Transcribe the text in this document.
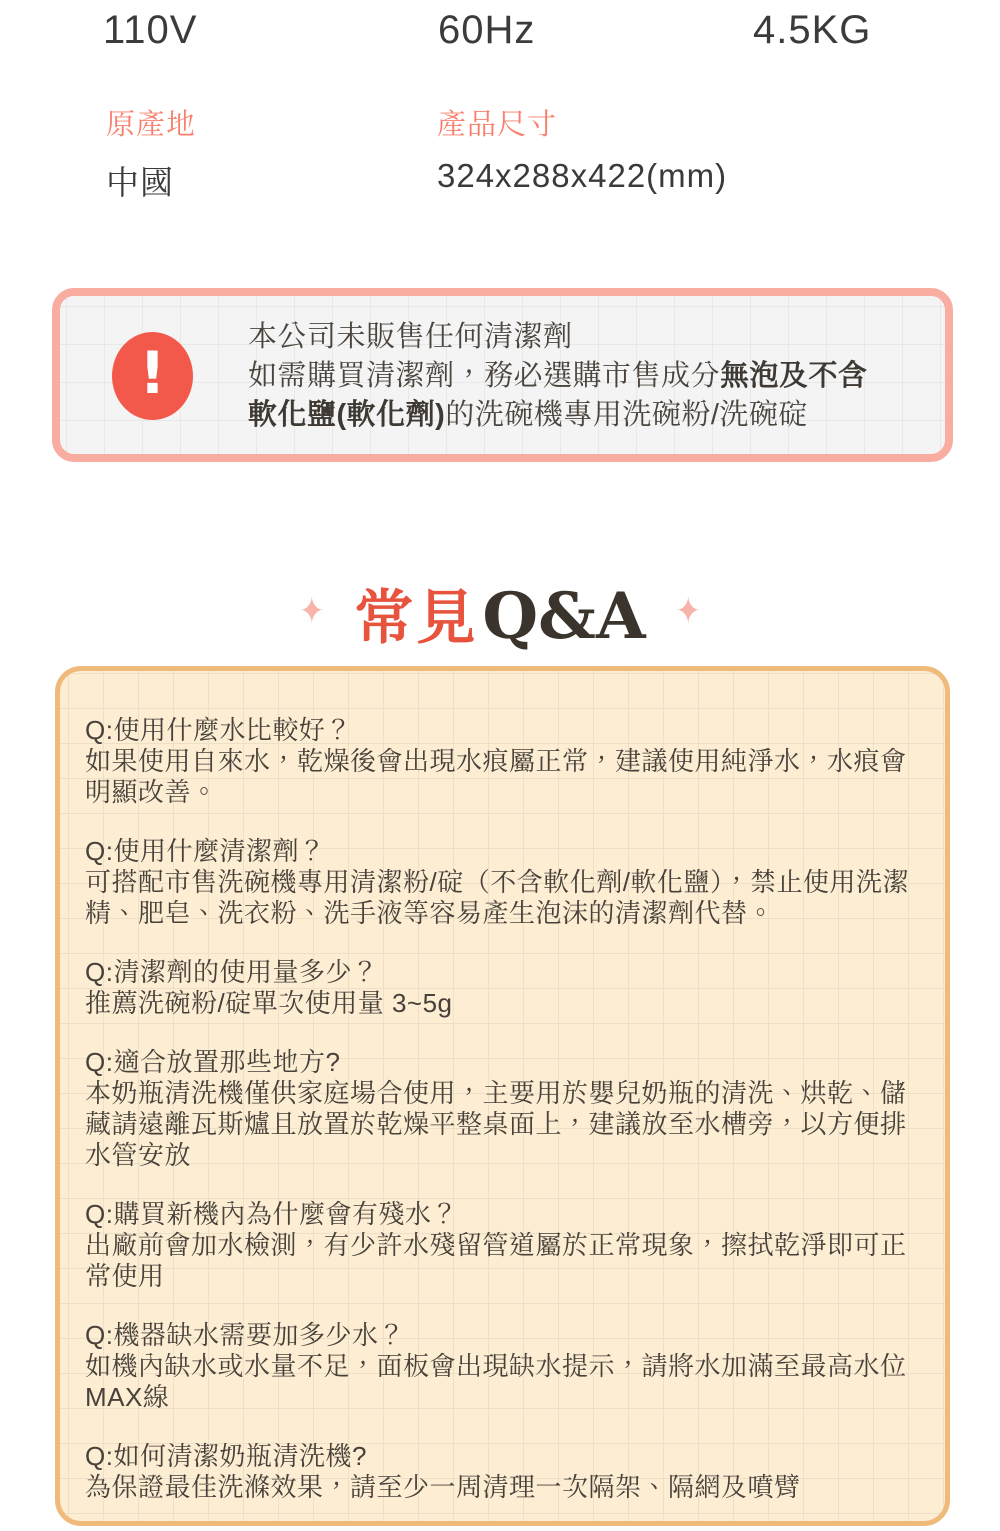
110V	60Hz	4.5KG
原產地	產品尺寸
中國	324x288x422(mm)
!
本公司未販售任何清潔劑
如需購買清潔劑，務必選購市售成分無泡及不含
軟化鹽(軟化劑)的洗碗機專用洗碗粉/洗碗碇
✦ 常見 Q&A ✦
Q:使用什麼水比較好？
如果使用自來水，乾燥後會出現水痕屬正常，建議使用純淨水，水痕會明顯改善。
Q:使用什麼清潔劑？
可搭配市售洗碗機專用清潔粉/碇（不含軟化劑/軟化鹽），禁止使用洗潔精、肥皂、洗衣粉、洗手液等容易產生泡沫的清潔劑代替。
Q:清潔劑的使用量多少？
推薦洗碗粉/碇單次使用量 3~5g
Q:適合放置那些地方?
本奶瓶清洗機僅供家庭場合使用，主要用於嬰兒奶瓶的清洗、烘乾、儲藏請遠離瓦斯爐且放置於乾燥平整桌面上，建議放至水槽旁，以方便排水管安放
Q:購買新機內為什麼會有殘水？
出廠前會加水檢測，有少許水殘留管道屬於正常現象，擦拭乾淨即可正常使用
Q:機器缺水需要加多少水？
如機內缺水或水量不足，面板會出現缺水提示，請將水加滿至最高水位MAX線
Q:如何清潔奶瓶清洗機?
為保證最佳洗滌效果，請至少一周清理一次隔架、隔網及噴臂
